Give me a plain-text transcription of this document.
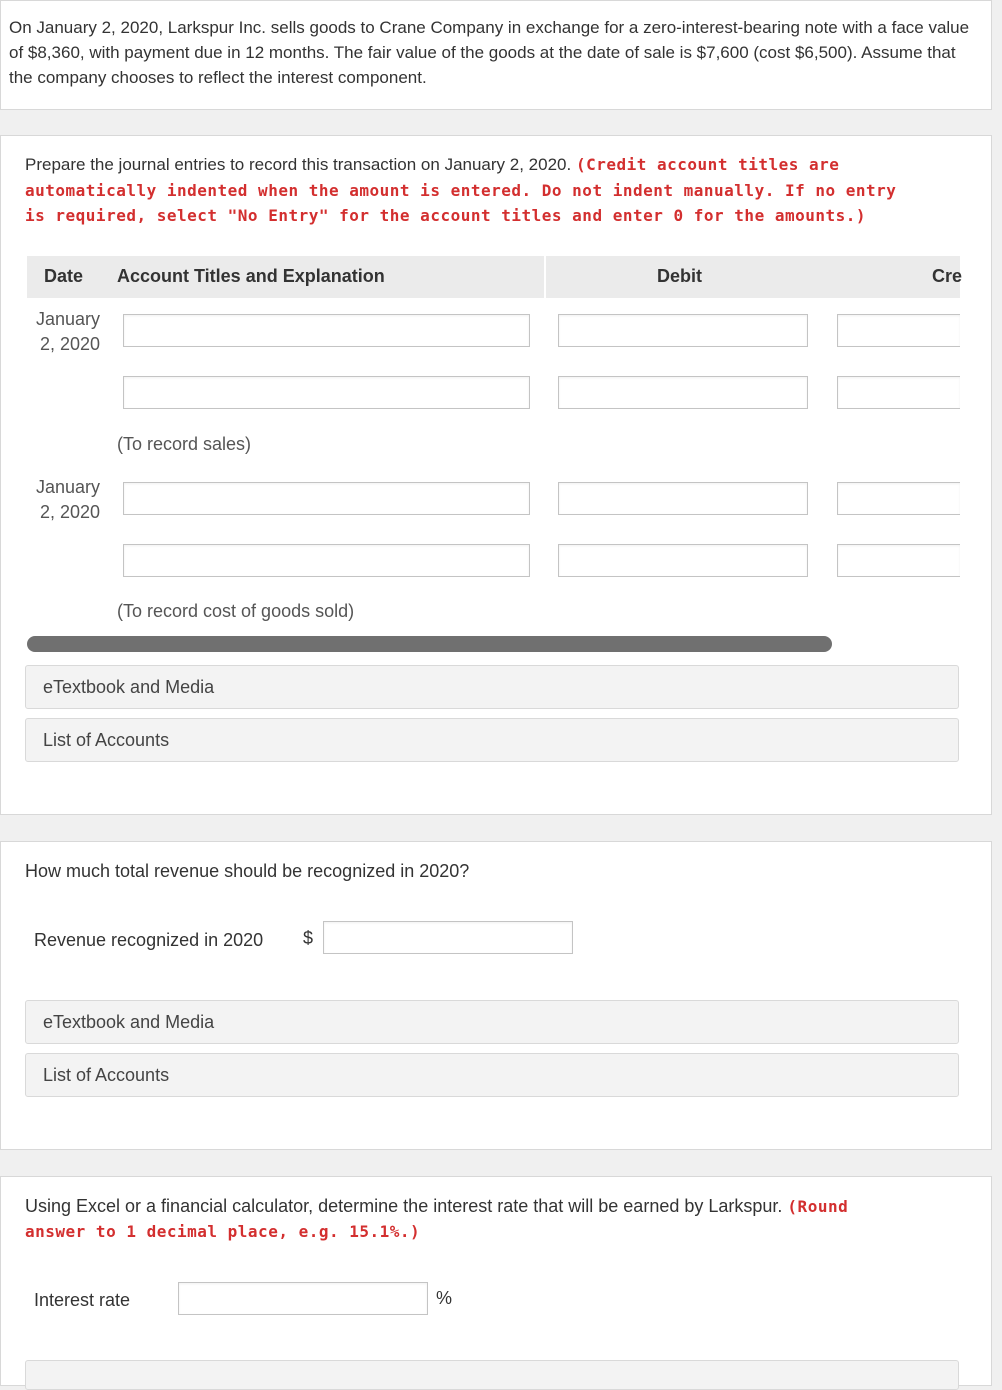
On January 2, 2020, Larkspur Inc. sells goods to Crane Company in exchange for a zero-interest-bearing note with a face value of $8,360, with payment due in 12 months. The fair value of the goods at the date of sale is $7,600 (cost $6,500). Assume that the company chooses to reflect the interest component.
Prepare the journal entries to record this transaction on January 2, 2020. (Credit account titles are automatically indented when the amount is entered. Do not indent manually. If no entry is required, select "No Entry" for the account titles and enter 0 for the amounts.)
Date Account Titles and Explanation	Debit	Cre
January
2, 2020
(To record sales)
January
2, 2020
(To record cost of goods sold)
eTextbook and Media
List of Accounts
How much total revenue should be recognized in 2020?
Revenue recognized in 2020 $
eTextbook and Media
List of Accounts
Using Excel or a financial calculator, determine the interest rate that will be earned by Larkspur. (Round answer to 1 decimal place, e.g. 15.1%.)
Interest rate	%
